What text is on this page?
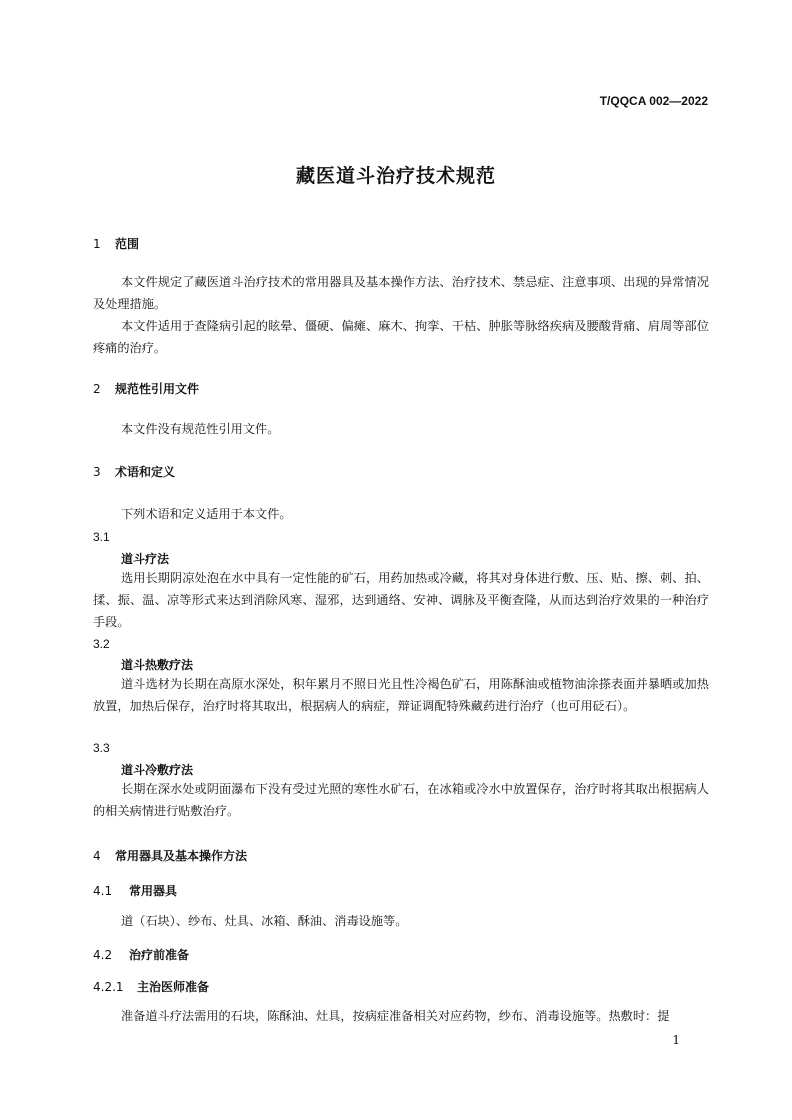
T/QQCA 002—2022
藏医道斗治疗技术规范
1 范围
本文件规定了藏医道斗治疗技术的常用器具及基本操作方法、治疗技术、禁忌症、注意事项、出现的异常情况及处理措施。
本文件适用于查隆病引起的眩晕、僵硬、偏瘫、麻木、拘挛、干枯、肿胀等脉络疾病及腰酸背痛、肩周等部位疼痛的治疗。
2 规范性引用文件
本文件没有规范性引用文件。
3 术语和定义
下列术语和定义适用于本文件。
3.1
道斗疗法
选用长期阴凉处泡在水中具有一定性能的矿石，用药加热或冷藏，将其对身体进行敷、压、贴、擦、刺、拍、揉、振、温、凉等形式来达到消除风寒、湿邪，达到通络、安神、调脉及平衡查隆，从而达到治疗效果的一种治疗手段。
3.2
道斗热敷疗法
道斗选材为长期在高原水深处，积年累月不照日光且性冷褐色矿石，用陈酥油或植物油涂搽表面并暴晒或加热放置，加热后保存，治疗时将其取出，根据病人的病症，辩证调配特殊藏药进行治疗（也可用砭石）。
3.3
道斗冷敷疗法
长期在深水处或阴面瀑布下没有受过光照的寒性水矿石，在冰箱或冷水中放置保存，治疗时将其取出根据病人的相关病情进行贴敷治疗。
4 常用器具及基本操作方法
4.1 常用器具
道（石块）、纱布、灶具、冰箱、酥油、消毒设施等。
4.2 治疗前准备
4.2.1 主治医师准备
准备道斗疗法需用的石块，陈酥油、灶具，按病症准备相关对应药物，纱布、消毒设施等。热敷时：提
1
